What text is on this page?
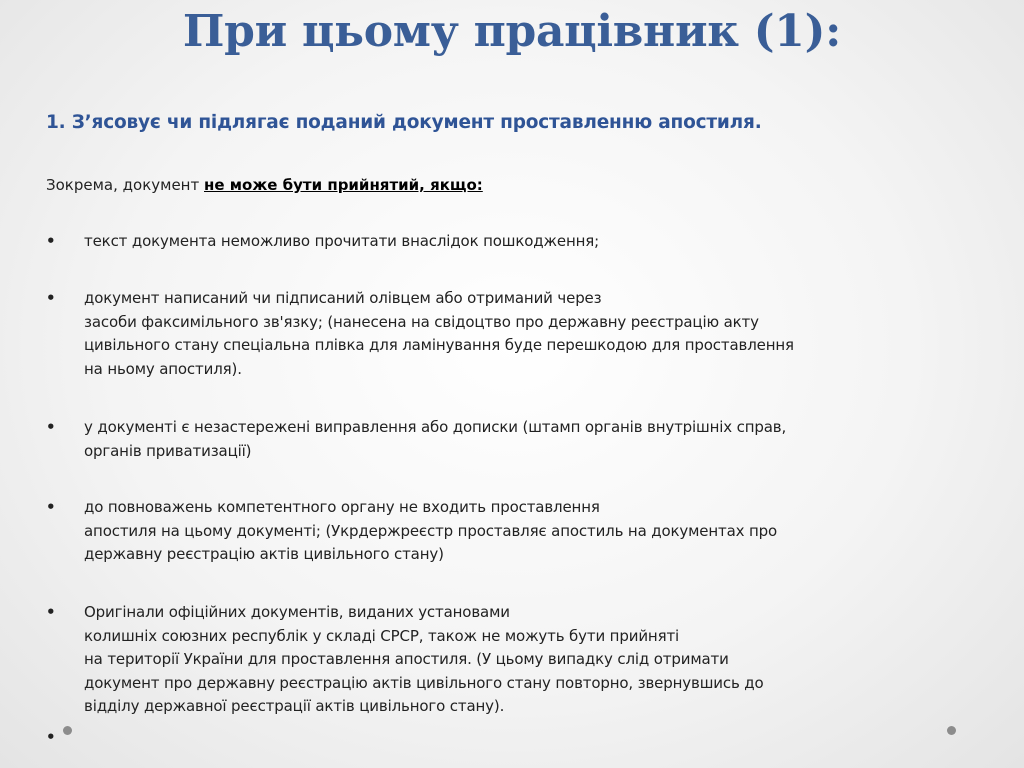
При цьому працівник (1):
1. З’ясовує чи підлягає поданий документ проставленню апостиля.
Зокрема, документ не може бути прийнятий, якщо:
• текст документа неможливо прочитати внаслідок пошкодження;
• документ написаний чи підписаний олівцем або отриманий через
засоби факсимільного зв'язку; (нанесена на свідоцтво про державну реєстрацію акту
цивільного стану спеціальна плівка для ламінування буде перешкодою для проставлення
на ньому апостиля).
• у документі є незастережені виправлення або дописки (штамп органів внутрішніх справ,
органів приватизації)
• до повноважень компетентного органу не входить проставлення
апостиля на цьому документі; (Укрдержреєстр проставляє апостиль на документах про
державну реєстрацію актів цивільного стану)
• Оригінали офіційних документів, виданих установами
колишніх союзних республік у складі СРСР, також не можуть бути прийняті
на території України для проставлення апостиля. (У цьому випадку слід отримати
документ про державну реєстрацію актів цивільного стану повторно, звернувшись до
відділу державної реєстрації актів цивільного стану).
•
